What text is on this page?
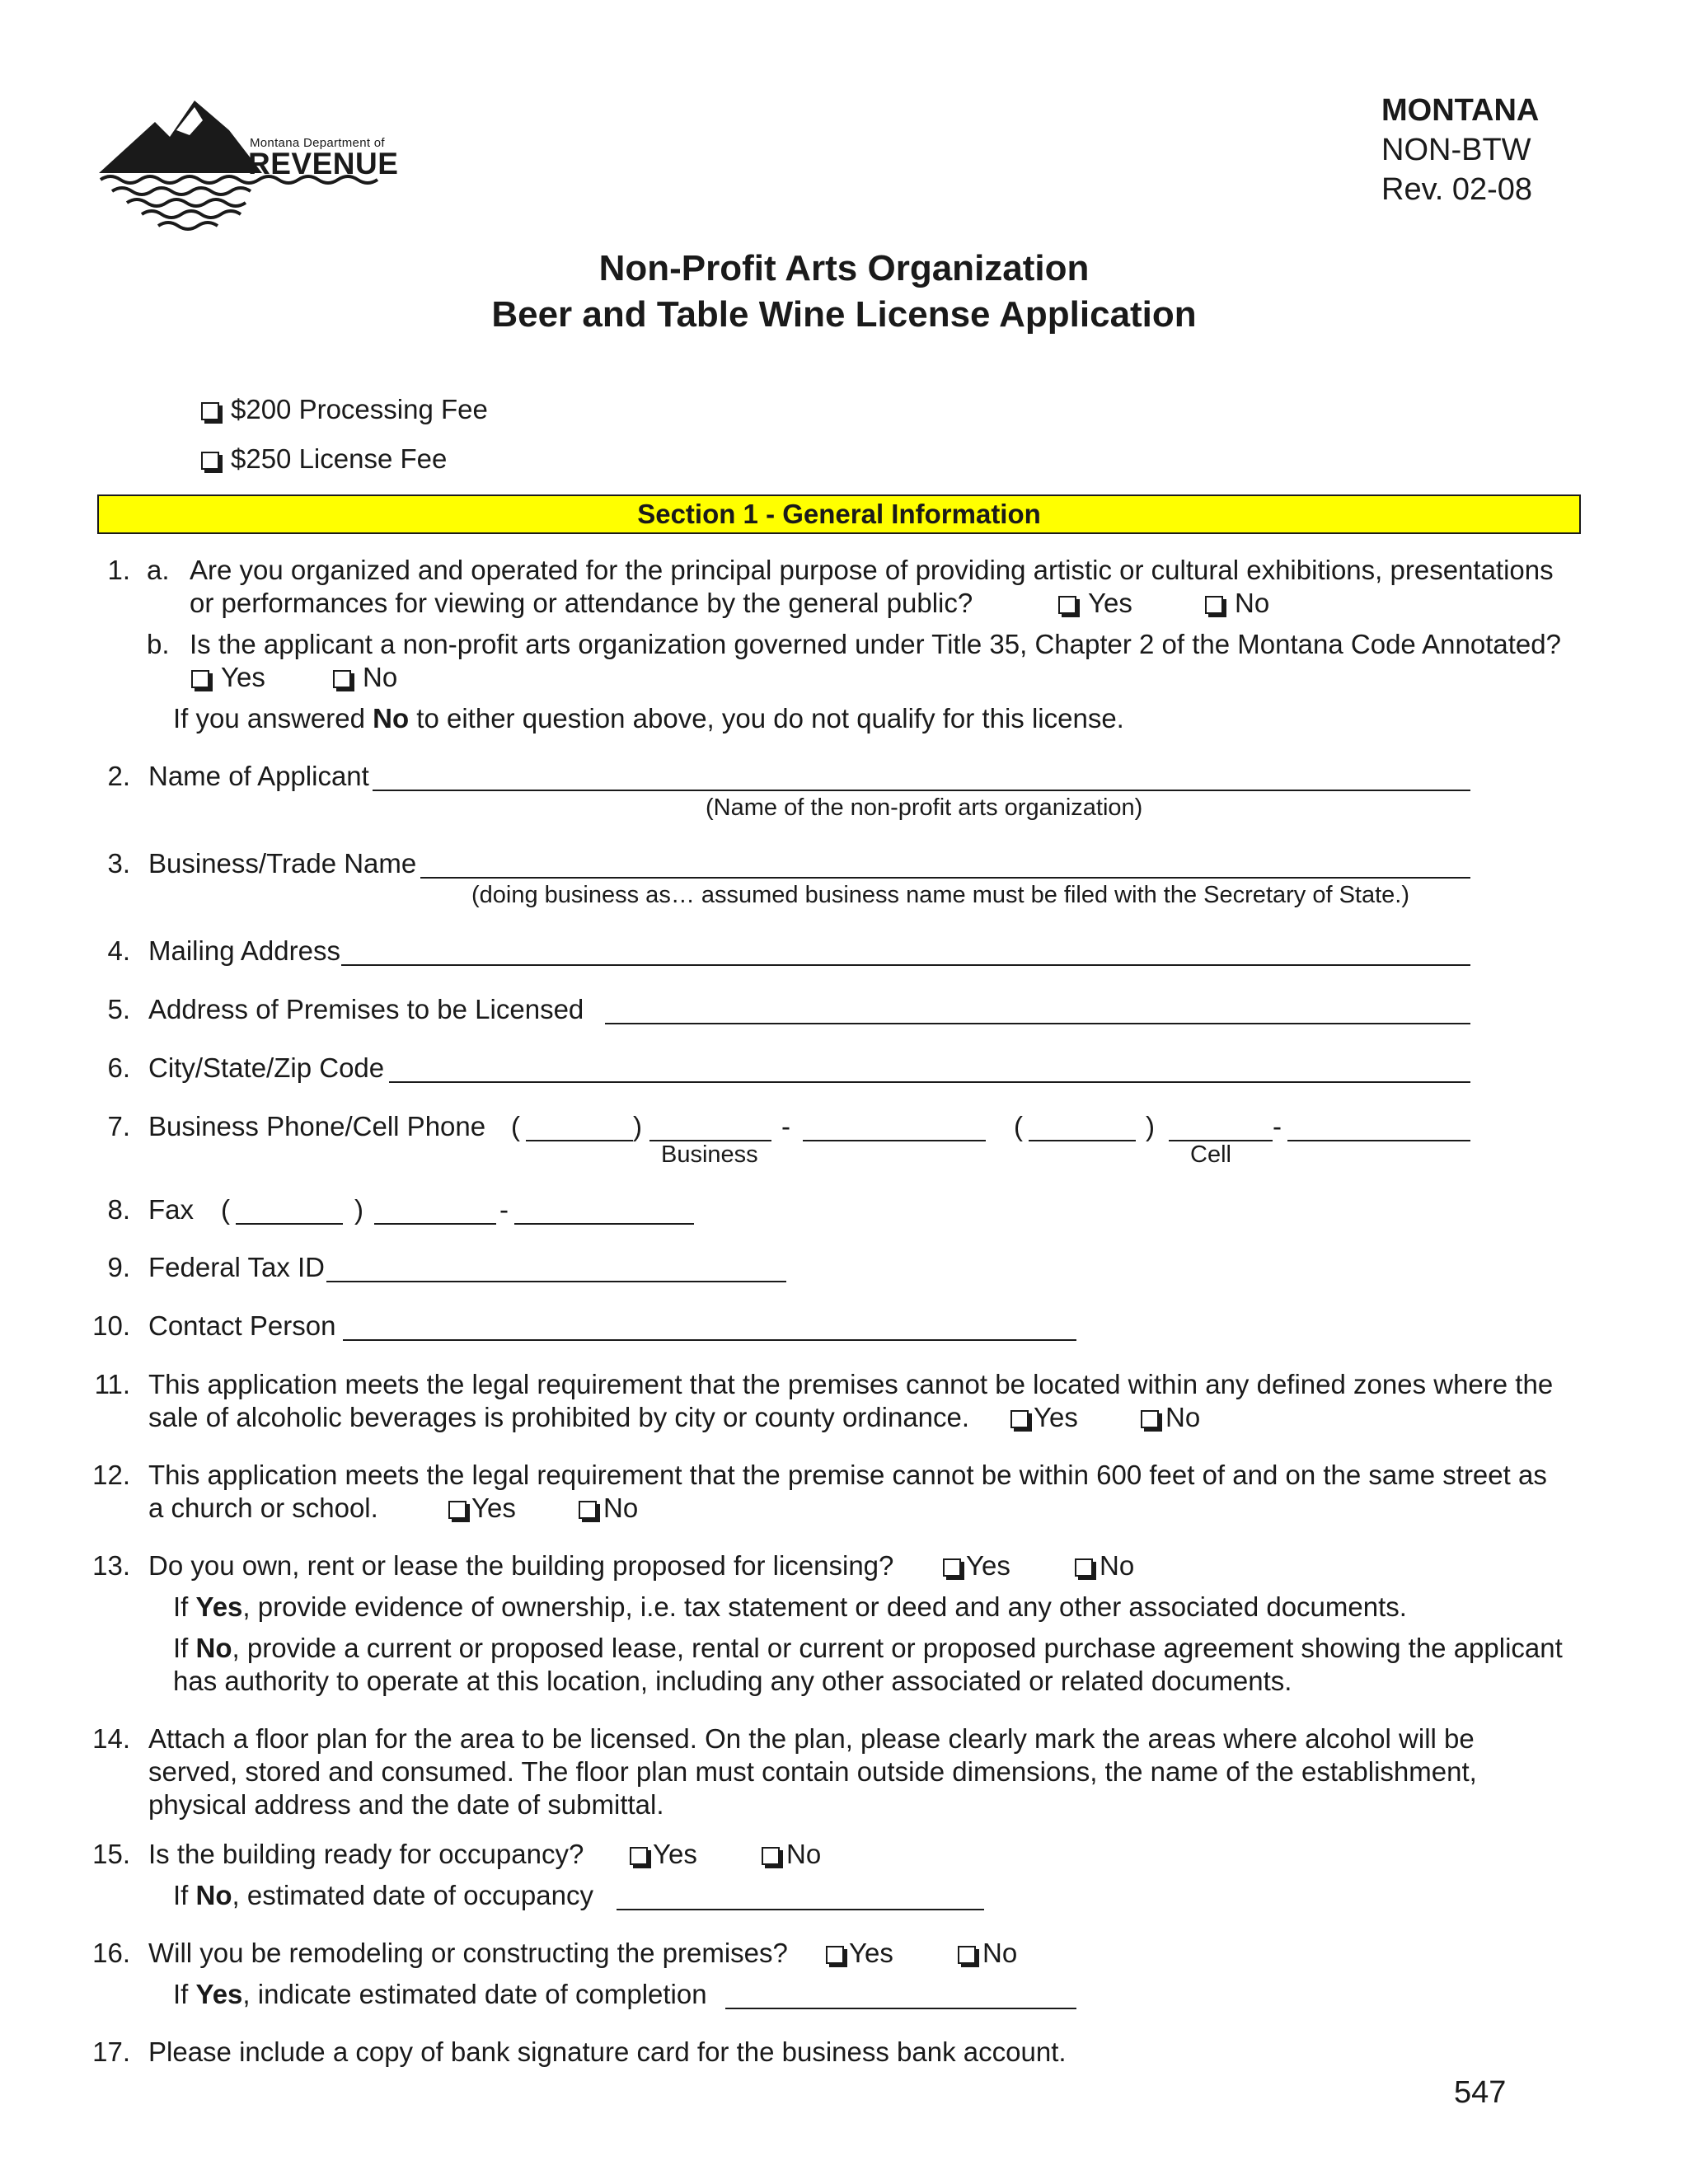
Montana Department of
REVENUE
MONTANA
NON-BTW
Rev. 02-08
Non-Profit Arts Organization
Beer and Table Wine License Application
$200 Processing Fee
$250 License Fee
Section 1 - General Information
1. a. Are you organized and operated for the principal purpose of providing artistic or cultural exhibitions, presentations
or performances for viewing or attendance by the general public?	Yes	No
b. Is the applicant a non-profit arts organization governed under Title 35, Chapter 2 of the Montana Code Annotated?
Yes	No
If you answered No to either question above, you do not qualify for this license.
2. Name of Applicant
(Name of the non-profit arts organization)
3. Business/Trade Name
(doing business as… assumed business name must be filed with the Secretary of State.)
4. Mailing Address
5. Address of Premises to be Licensed
6. City/State/Zip Code
7. Business Phone/Cell Phone (	)	-	(	)	-
Business	Cell
8. Fax (	)	-
9. Federal Tax ID
10. Contact Person
11. This application meets the legal requirement that the premises cannot be located within any defined zones where the
sale of alcoholic beverages is prohibited by city or county ordinance.	Yes	No
12. This application meets the legal requirement that the premise cannot be within 600 feet of and on the same street as
a church or school.	Yes	No
13. Do you own, rent or lease the building proposed for licensing?	Yes	No
If Yes, provide evidence of ownership, i.e. tax statement or deed and any other associated documents.
If No, provide a current or proposed lease, rental or current or proposed purchase agreement showing the applicant
has authority to operate at this location, including any other associated or related documents.
14. Attach a floor plan for the area to be licensed. On the plan, please clearly mark the areas where alcohol will be
served, stored and consumed. The floor plan must contain outside dimensions, the name of the establishment,
physical address and the date of submittal.
15. Is the building ready for occupancy?	Yes	No
If No, estimated date of occupancy
16. Will you be remodeling or constructing the premises?	Yes	No
If Yes, indicate estimated date of completion
17. Please include a copy of bank signature card for the business bank account.
547
